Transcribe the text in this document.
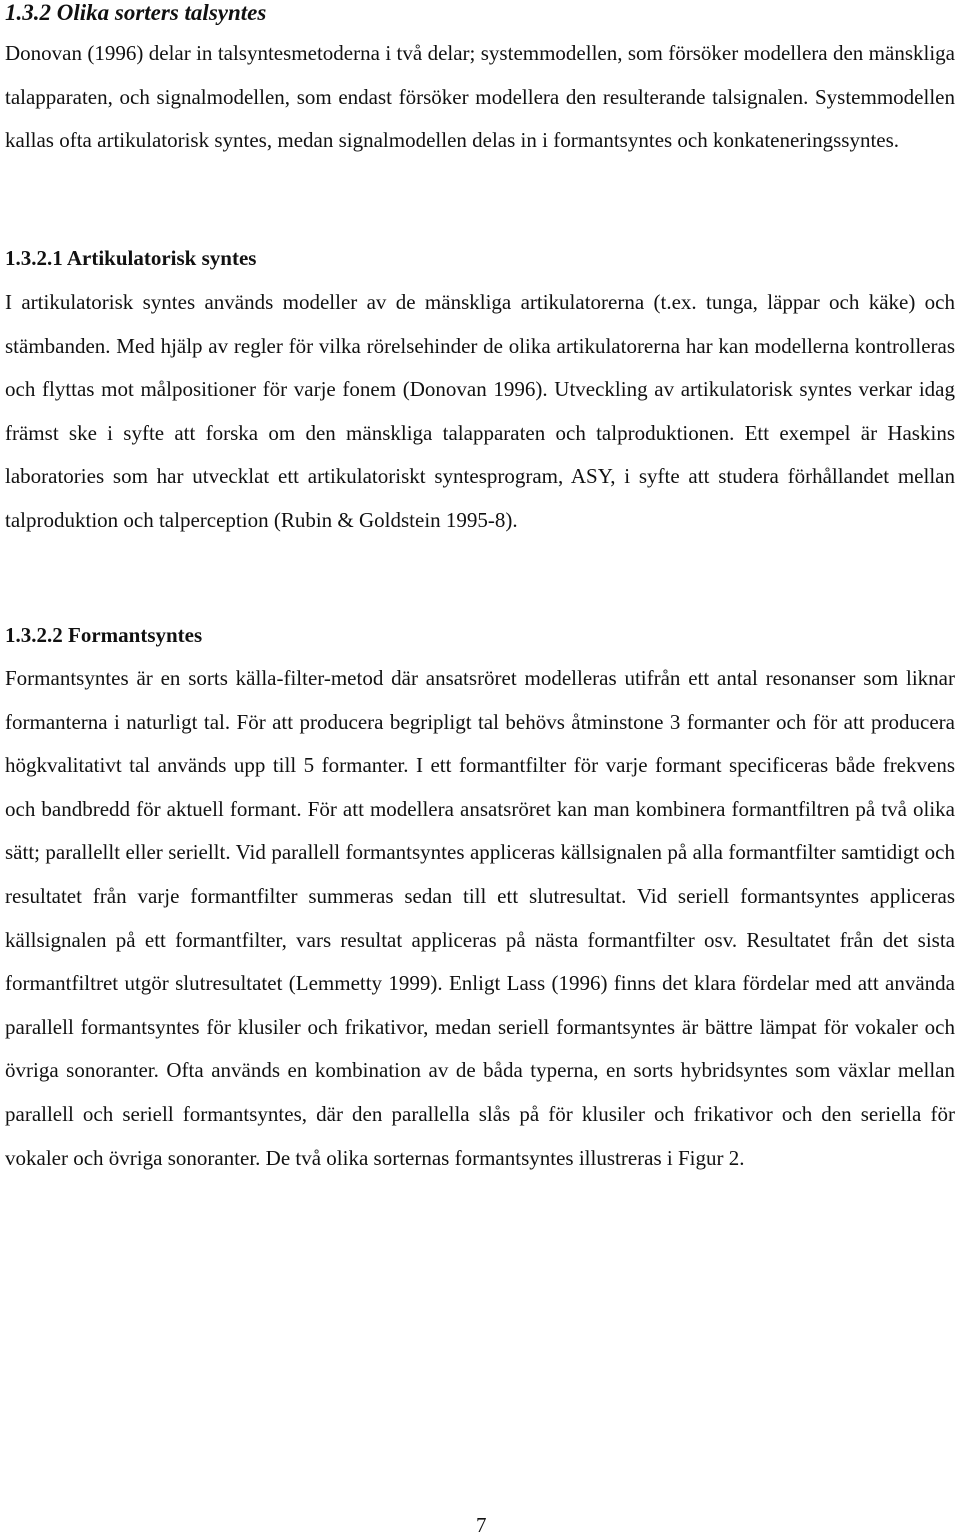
1.3.2 Olika sorters talsyntes

Donovan (1996) delar in talsyntesmetoderna i två delar; systemmodellen, som försöker modellera den mänskliga talapparaten, och signalmodellen, som endast försöker modellera den resulterande talsignalen. Systemmodellen kallas ofta artikulatorisk syntes, medan signalmodellen delas in i formantsyntes och konkateneringssyntes.

1.3.2.1 Artikulatorisk syntes

I artikulatorisk syntes används modeller av de mänskliga artikulatorerna (t.ex. tunga, läppar och käke) och stämbanden. Med hjälp av regler för vilka rörelsehinder de olika artikulatorerna har kan modellerna kontrolleras och flyttas mot målpositioner för varje fonem (Donovan 1996). Utveckling av artikulatorisk syntes verkar idag främst ske i syfte att forska om den mänskliga talapparaten och talproduktionen. Ett exempel är Haskins laboratories som har utvecklat ett artikulatoriskt syntesprogram, ASY, i syfte att studera förhållandet mellan talproduktion och talperception (Rubin & Goldstein 1995-8).

1.3.2.2 Formantsyntes

Formantsyntes är en sorts källa-filter-metod där ansatsröret modelleras utifrån ett antal resonanser som liknar formanterna i naturligt tal. För att producera begripligt tal behövs åtminstone 3 formanter och för att producera högkvalitativt tal används upp till 5 formanter. I ett formantfilter för varje formant specificeras både frekvens och bandbredd för aktuell formant. För att modellera ansatsröret kan man kombinera formantfiltren på två olika sätt; parallellt eller seriellt. Vid parallell formantsyntes appliceras källsignalen på alla formantfilter samtidigt och resultatet från varje formantfilter summeras sedan till ett slutresultat. Vid seriell formantsyntes appliceras källsignalen på ett formantfilter, vars resultat appliceras på nästa formantfilter osv. Resultatet från det sista formantfiltret utgör slutresultatet (Lemmetty 1999). Enligt Lass (1996) finns det klara fördelar med att använda parallell formantsyntes för klusiler och frikativor, medan seriell formantsyntes är bättre lämpat för vokaler och övriga sonoranter. Ofta används en kombination av de båda typerna, en sorts hybridsyntes som växlar mellan parallell och seriell formantsyntes, där den parallella slås på för klusiler och frikativor och den seriella för vokaler och övriga sonoranter. De två olika sorternas formantsyntes illustreras i Figur 2.

7
